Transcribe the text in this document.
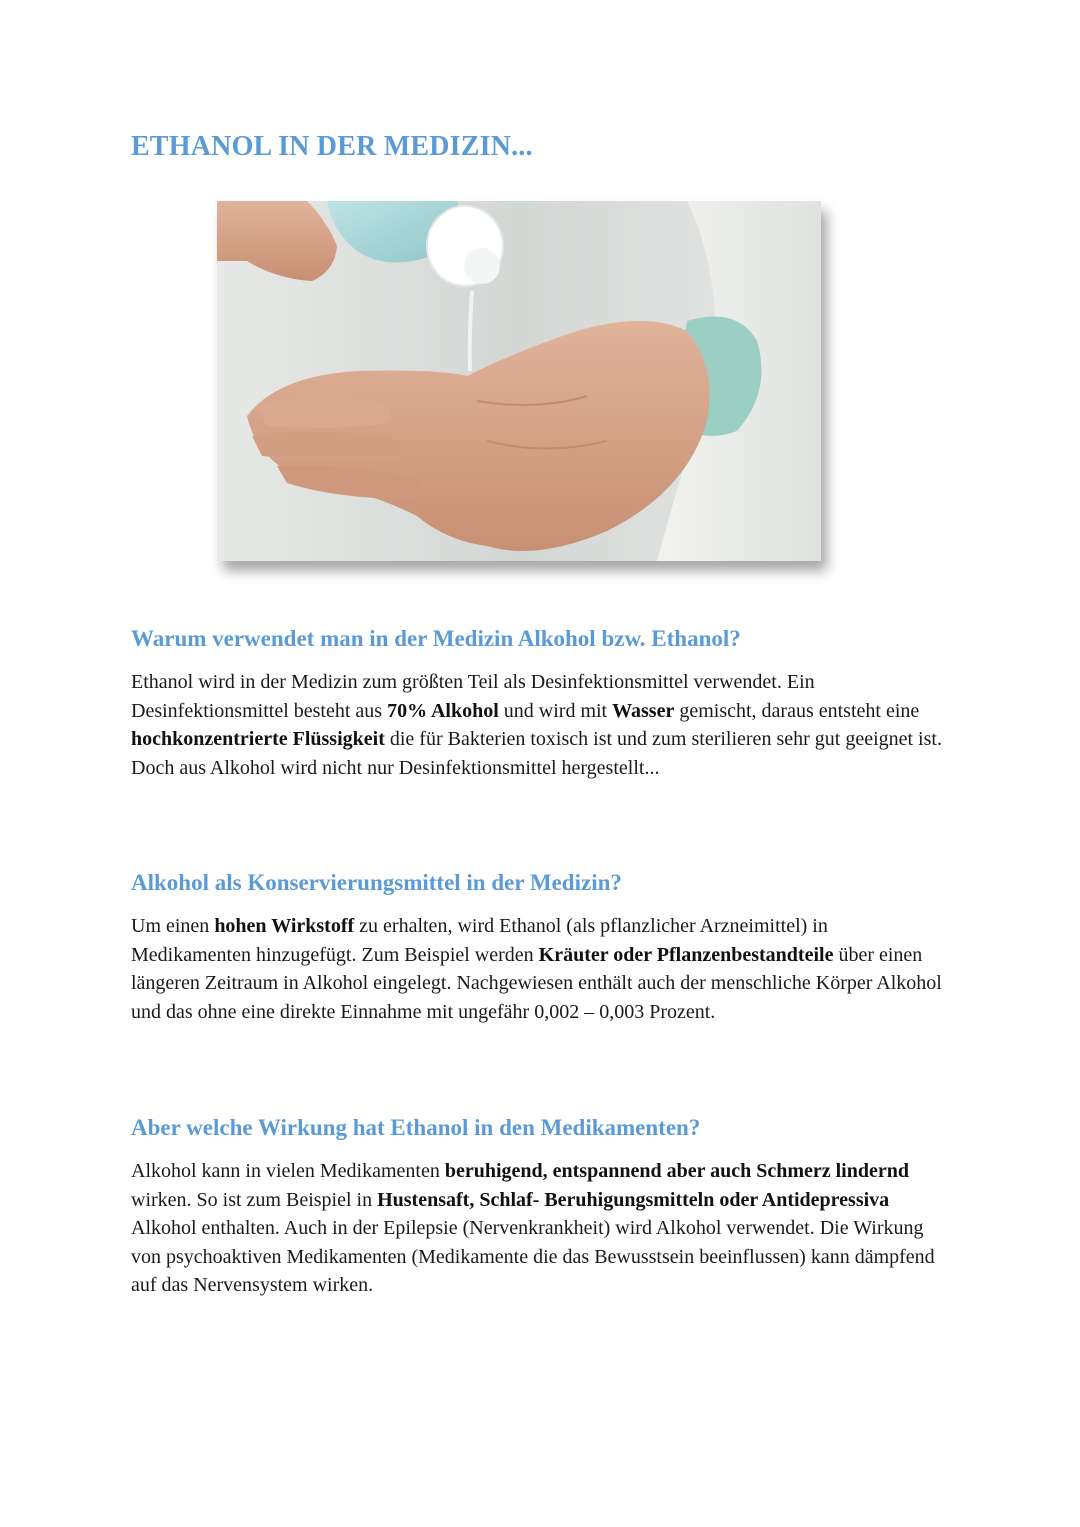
ETHANOL IN DER MEDIZIN...
Warum verwendet man in der Medizin Alkohol bzw. Ethanol?

Ethanol wird in der Medizin zum größten Teil als Desinfektionsmittel verwendet. Ein Desinfektionsmittel besteht aus 70% Alkohol und wird mit Wasser gemischt, daraus entsteht eine hochkonzentrierte Flüssigkeit die für Bakterien toxisch ist und zum sterilieren sehr gut geeignet ist. Doch aus Alkohol wird nicht nur Desinfektionsmittel hergestellt...

Alkohol als Konservierungsmittel in der Medizin?

Um einen hohen Wirkstoff zu erhalten, wird Ethanol (als pflanzlicher Arzneimittel) in Medikamenten hinzugefügt. Zum Beispiel werden Kräuter oder Pflanzenbestandteile über einen längeren Zeitraum in Alkohol eingelegt. Nachgewiesen enthält auch der menschliche Körper Alkohol und das ohne eine direkte Einnahme mit ungefähr 0,002 – 0,003 Prozent.

Aber welche Wirkung hat Ethanol in den Medikamenten?

Alkohol kann in vielen Medikamenten beruhigend, entspannend aber auch Schmerz lindernd wirken. So ist zum Beispiel in Hustensaft, Schlaf- Beruhigungsmitteln oder Antidepressiva Alkohol enthalten. Auch in der Epilepsie (Nervenkrankheit) wird Alkohol verwendet. Die Wirkung von psychoaktiven Medikamenten (Medikamente die das Bewusstsein beeinflussen) kann dämpfend auf das Nervensystem wirken.
